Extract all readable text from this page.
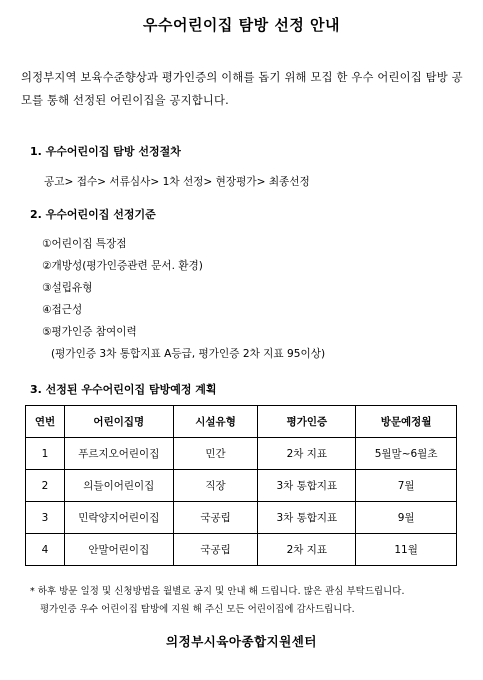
우수어린이집 탐방 선정 안내
의정부지역 보육수준향상과 평가인증의 이해를 돕기 위해 모집 한 우수 어린이집 탐방 공모를 통해 선정된 어린이집을 공지합니다.
1. 우수어린이집 탐방 선정절차
공고> 접수> 서류심사> 1차 선정> 현장평가> 최종선정
2. 우수어린이집 선정기준
①어린이집 특장점
②개방성(평가인증관련 문서. 환경)
③설립유형
④접근성
⑤평가인증 참여이력
(평가인증 3차 통합지표 A등급, 평가인증 2차 지표 95이상)
3. 선정된 우수어린이집 탐방예정 계획
연번	어린이집명	시설유형	평가인증	방문예정월
1	푸르지오어린이집	민간	2차 지표	5월말~6월초
2	의들이어린이집	직장	3차 통합지표	7월
3	민락양지어린이집	국공립	3차 통합지표	9월
4	안말어린이집	국공립	2차 지표	11월
* 하후 방문 일정 및 신청방법을 월별로 공지 및 안내 해 드립니다. 많은 관심 부탁드립니다.
평가인증 우수 어린이집 탐방에 지원 해 주신 모든 어린이집에 감사드립니다.
의정부시육아종합지원센터
